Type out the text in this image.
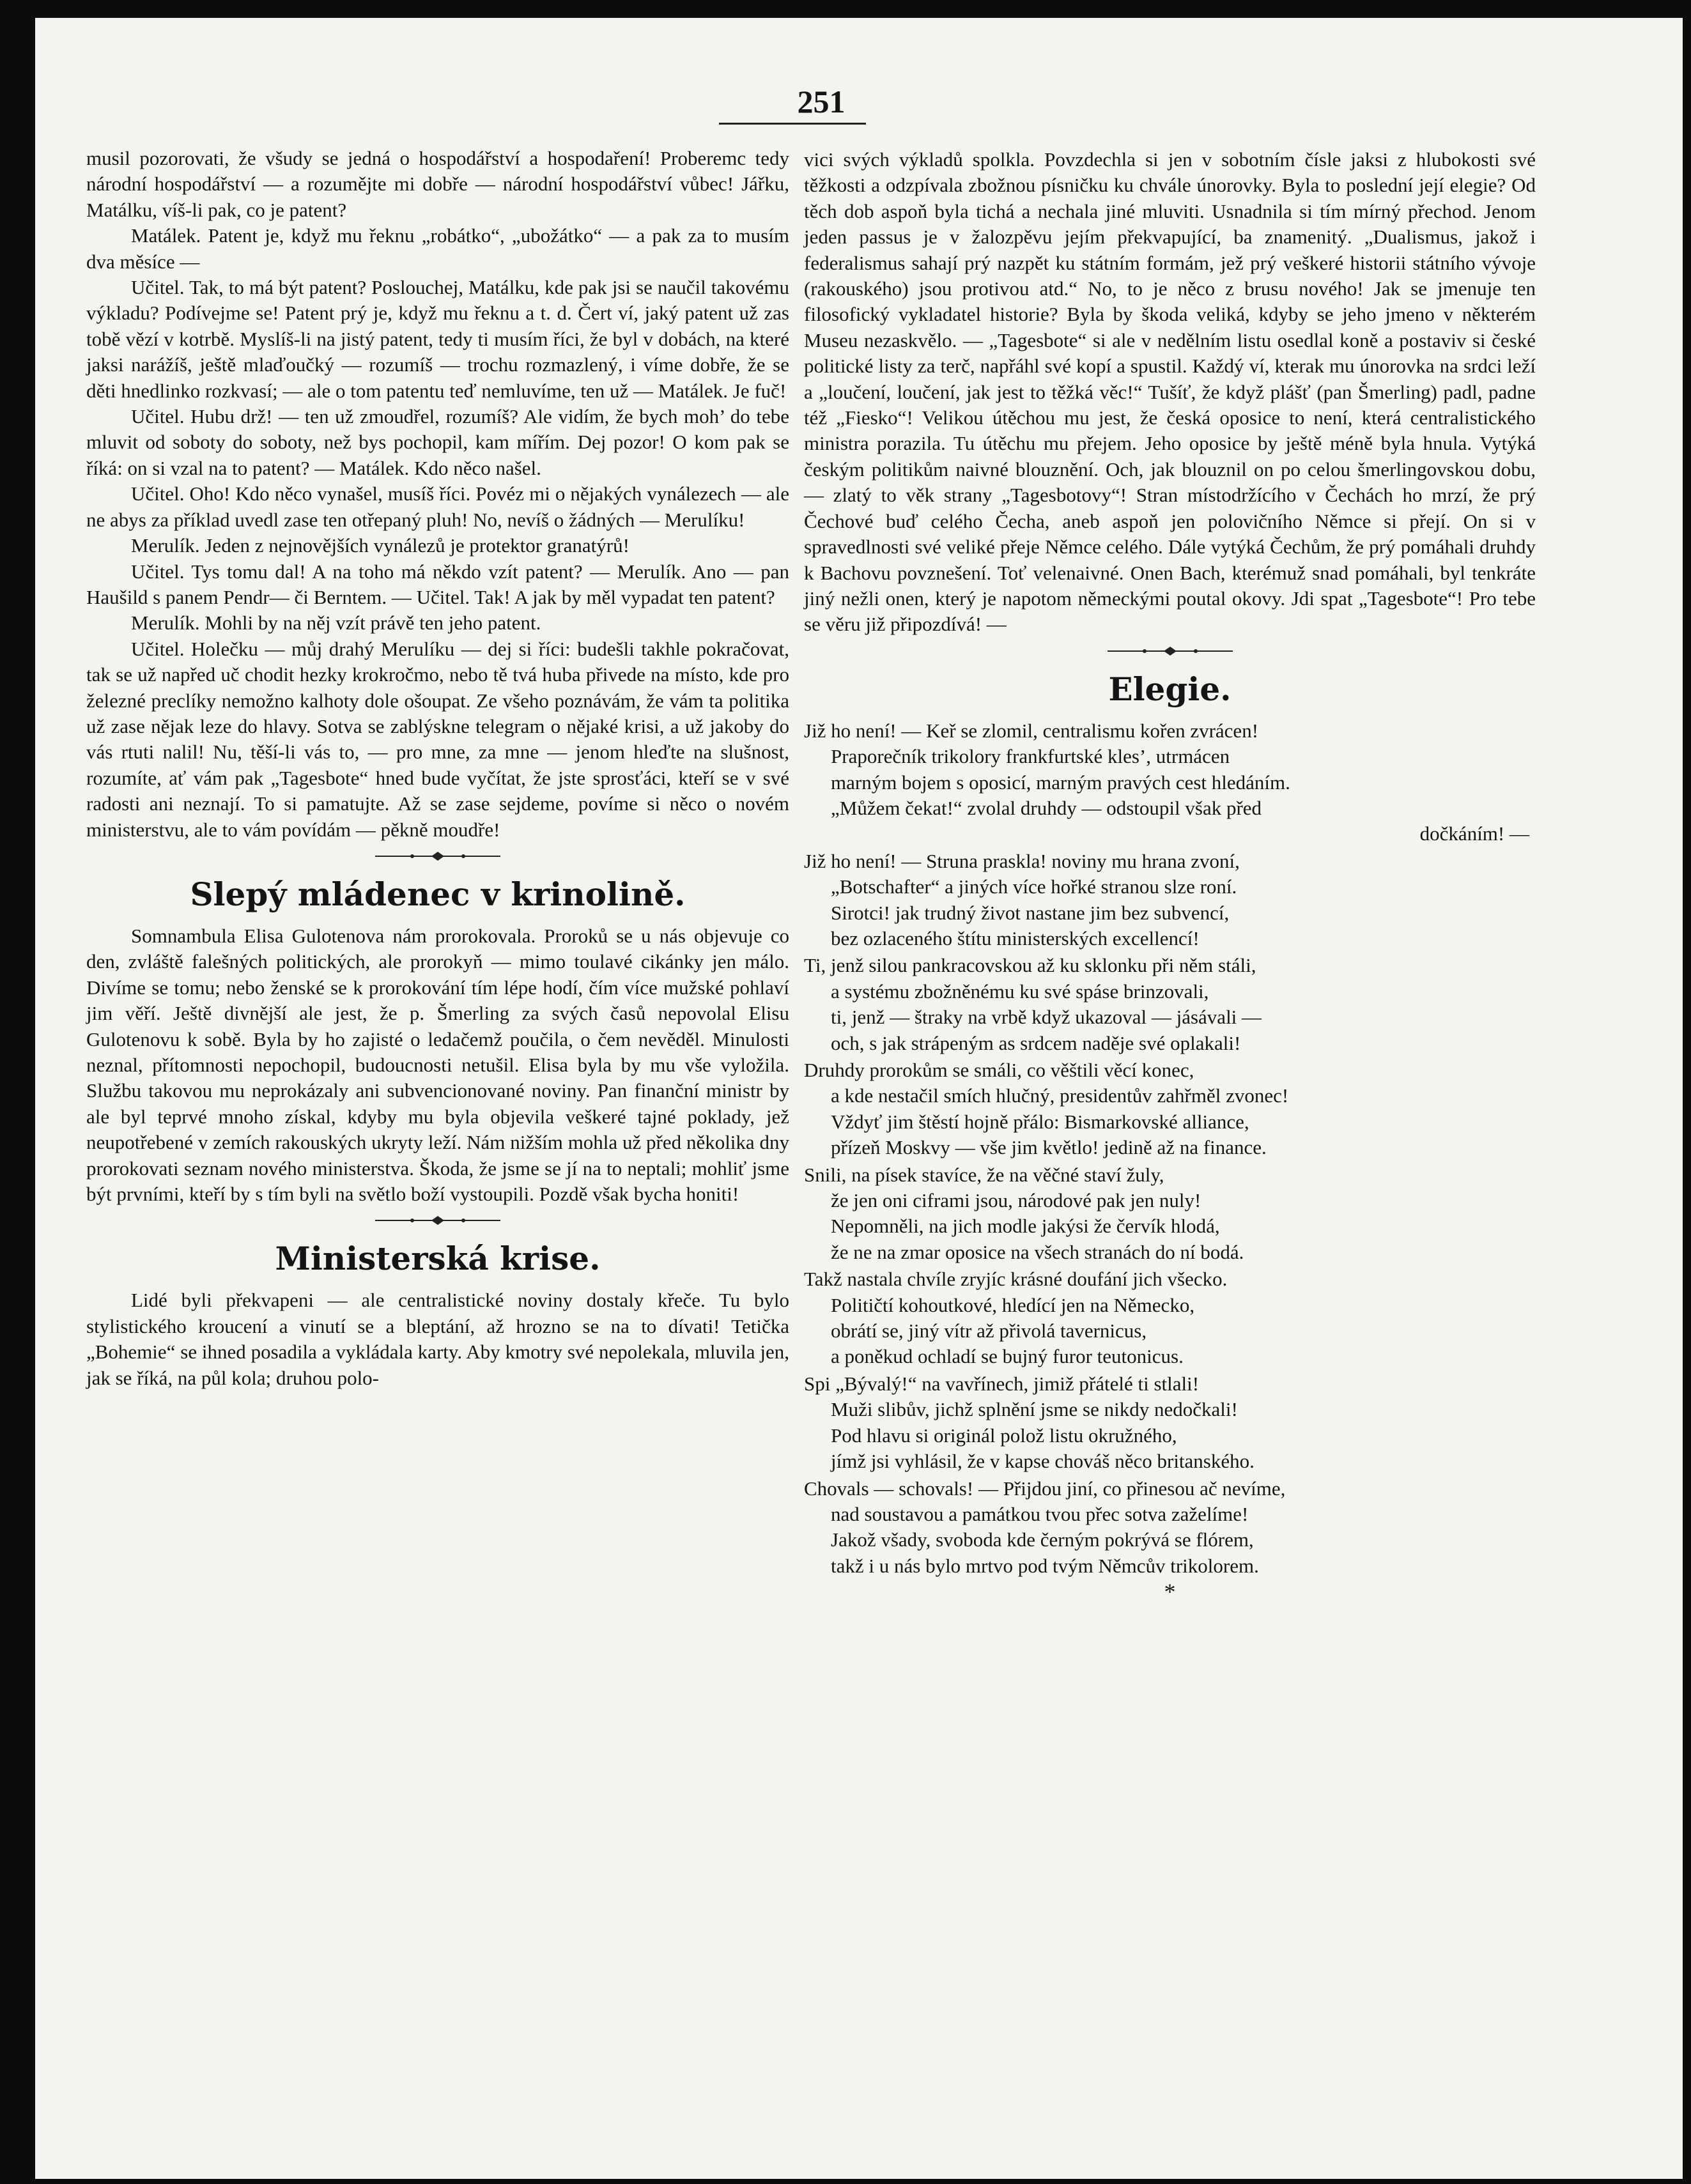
251

musil pozorovati, že všudy se jedná o hospodářství a hospodaření! Proberemc tedy národní hospodářství — a rozumějte mi dobře — národní hospodářství vůbec! Jářku, Matálku, víš-li pak, co je patent?

Matálek. Patent je, když mu řeknu „robátko“, „ubožátko“ — a pak za to musím dva měsíce —

Učitel. Tak, to má být patent? Poslouchej, Matálku, kde pak jsi se naučil takovému výkladu? Podívejme se! Patent prý je, když mu řeknu a t. d. Čert ví, jaký patent už zas tobě vězí v kotrbě. Myslíš-li na jistý patent, tedy ti musím říci, že byl v dobách, na které jaksi narážíš, ještě mlaďoučký — rozumíš — trochu rozmazlený, i víme dobře, že se děti hnedlinko rozkvasí; — ale o tom patentu teď nemluvíme, ten už — Matálek. Je fuč!

Učitel. Hubu drž! — ten už zmoudřel, rozumíš? Ale vidím, že bych moh’ do tebe mluvit od soboty do soboty, než bys pochopil, kam mířím. Dej pozor! O kom pak se říká: on si vzal na to patent? — Matálek. Kdo něco našel.

Učitel. Oho! Kdo něco vynašel, musíš říci. Povéz mi o nějakých vynálezech — ale ne abys za příklad uvedl zase ten otřepaný pluh! No, nevíš o žádných — Merulíku!

Merulík. Jeden z nejnovějších vynálezů je protektor granatýrů!

Učitel. Tys tomu dal! A na toho má někdo vzít patent? — Merulík. Ano — pan Haušild s panem Pendr— či Berntem. — Učitel. Tak! A jak by měl vypadat ten patent?

Merulík. Mohli by na něj vzít právě ten jeho patent.

Učitel. Holečku — můj drahý Merulíku — dej si říci: budešli takhle pokračovat, tak se už napřed uč chodit hezky krokročmo, nebo tě tvá huba přivede na místo, kde pro železné preclíky nemožno kalhoty dole ošoupat. Ze všeho poznávám, že vám ta politika už zase nějak leze do hlavy. Sotva se zablýskne telegram o nějaké krisi, a už jakoby do vás rtuti nalil! Nu, těší-li vás to, — pro mne, za mne — jenom hleďte na slušnost, rozumíte, ať vám pak „Tagesbote“ hned bude vyčítat, že jste sprosťáci, kteří se v své radosti ani neznají. To si pamatujte. Až se zase sejdeme, povíme si něco o novém ministerstvu, ale to vám povídám — pěkně moudře!

Slepý mládenec v krinolině.

Somnambula Elisa Gulotenova nám prorokovala. Proroků se u nás objevuje co den, zvláště falešných politických, ale prorokyň — mimo toulavé cikánky jen málo. Divíme se tomu; nebo ženské se k prorokování tím lépe hodí, čím více mužské pohlaví jim věří. Ještě divnější ale jest, že p. Šmerling za svých časů nepovolal Elisu Gulotenovu k sobě. Byla by ho zajisté o ledačemž poučila, o čem nevěděl. Minulosti neznal, přítomnosti nepochopil, budoucnosti netušil. Elisa byla by mu vše vyložila. Službu takovou mu neprokázaly ani subvencionované noviny. Pan finanční ministr by ale byl teprvé mnoho získal, kdyby mu byla objevila veškeré tajné poklady, jež neupotřebené v zemích rakouských ukryty leží. Nám nižším mohla už před několika dny prorokovati seznam nového ministerstva. Škoda, že jsme se jí na to neptali; mohliť jsme být prvními, kteří by s tím byli na světlo boží vystoupili. Pozdě však bycha honiti!

Ministerská krise.

Lidé byli překvapeni — ale centralistické noviny dostaly křeče. Tu bylo stylistického kroucení a vinutí se a bleptání, až hrozno se na to dívati! Tetička „Bohemie“ se ihned posadila a vykládala karty. Aby kmotry své nepolekala, mluvila jen, jak se říká, na půl kola; druhou polo-

vici svých výkladů spolkla. Povzdechla si jen v sobotním čísle jaksi z hlubokosti své těžkosti a odzpívala zbožnou písničku ku chvále únorovky. Byla to poslední její elegie? Od těch dob aspoň byla tichá a nechala jiné mluviti. Usnadnila si tím mírný přechod. Jenom jeden passus je v žalozpěvu jejím překvapující, ba znamenitý. „Dualismus, jakož i federalismus sahají prý nazpět ku státním formám, jež prý veškeré historii státního vývoje (rakouského) jsou protivou atd.“ No, to je něco z brusu nového! Jak se jmenuje ten filosofický vykladatel historie? Byla by škoda veliká, kdyby se jeho jmeno v některém Museu nezaskvělo. — „Tagesbote“ si ale v nedělním listu osedlal koně a postaviv si české politické listy za terč, napřáhl své kopí a spustil. Každý ví, kterak mu únorovka na srdci leží a „loučení, loučení, jak jest to těžká věc!“ Tušíť, že když plášť (pan Šmerling) padl, padne též „Fiesko“! Velikou útěchou mu jest, že česká oposice to není, která centralistického ministra porazila. Tu útěchu mu přejem. Jeho oposice by ještě méně byla hnula. Vytýká českým politikům naivné blouznění. Och, jak blouznil on po celou šmerlingovskou dobu, — zlatý to věk strany „Tagesbotovy“! Stran místodržícího v Čechách ho mrzí, že prý Čechové buď celého Čecha, aneb aspoň jen polovičního Němce si přejí. On si v spravedlnosti své veliké přeje Němce celého. Dále vytýká Čechům, že prý pomáhali druhdy k Bachovu povznešení. Toť velenaivné. Onen Bach, kterémuž snad pomáhali, byl tenkráte jiný nežli onen, který je napotom německými poutal okovy. Jdi spat „Tagesbote“! Pro tebe se věru již připozdívá! —

Elegie.
Již ho není! — Keř se zlomil, centralismu kořen zvrácen!
Praporečník trikolory frankfurtské kles’, utrmácen
marným bojem s oposicí, marným pravých cest hledáním.
„Můžem čekat!“ zvolal druhdy — odstoupil však před
dočkáním! —
Již ho není! — Struna praskla! noviny mu hrana zvoní,
„Botschafter“ a jiných více hořké stranou slze roní.
Sirotci! jak trudný život nastane jim bez subvencí,
bez ozlaceného štítu ministerských excellencí!
Ti, jenž silou pankracovskou až ku sklonku při něm stáli,
a systému zbožněnému ku své spáse brinzovali,
ti, jenž — štraky na vrbě když ukazoval — jásávali —
och, s jak strápeným as srdcem naděje své oplakali!
Druhdy prorokům se smáli, co věštili věcí konec,
a kde nestačil smích hlučný, presidentův zahřměl zvonec!
Vždyť jim štěstí hojně přálo: Bismarkovské alliance,
přízeň Moskvy — vše jim květlo! jedině až na finance.
Snili, na písek stavíce, že na věčné staví žuly,
že jen oni ciframi jsou, národové pak jen nuly!
Nepomněli, na jich modle jakýsi že červík hlodá,
že ne na zmar oposice na všech stranách do ní bodá.
Takž nastala chvíle zryjíc krásné doufání jich všecko.
Političtí kohoutkové, hledící jen na Německo,
obrátí se, jiný vítr až přivolá tavernicus,
a poněkud ochladí se bujný furor teutonicus.
Spi „Bývalý!“ na vavřínech, jimiž přátelé ti stlali!
Muži slibův, jichž splnění jsme se nikdy nedočkali!
Pod hlavu si originál polož listu okružného,
jímž jsi vyhlásil, že v kapse chováš něco britanského.
Chovals — schovals! — Přijdou jiní, co přinesou ač nevíme,
nad soustavou a památkou tvou přec sotva zaželíme!
Jakož všady, svoboda kde černým pokrývá se flórem,
takž i u nás bylo mrtvo pod tvým Němcův trikolorem.
*
